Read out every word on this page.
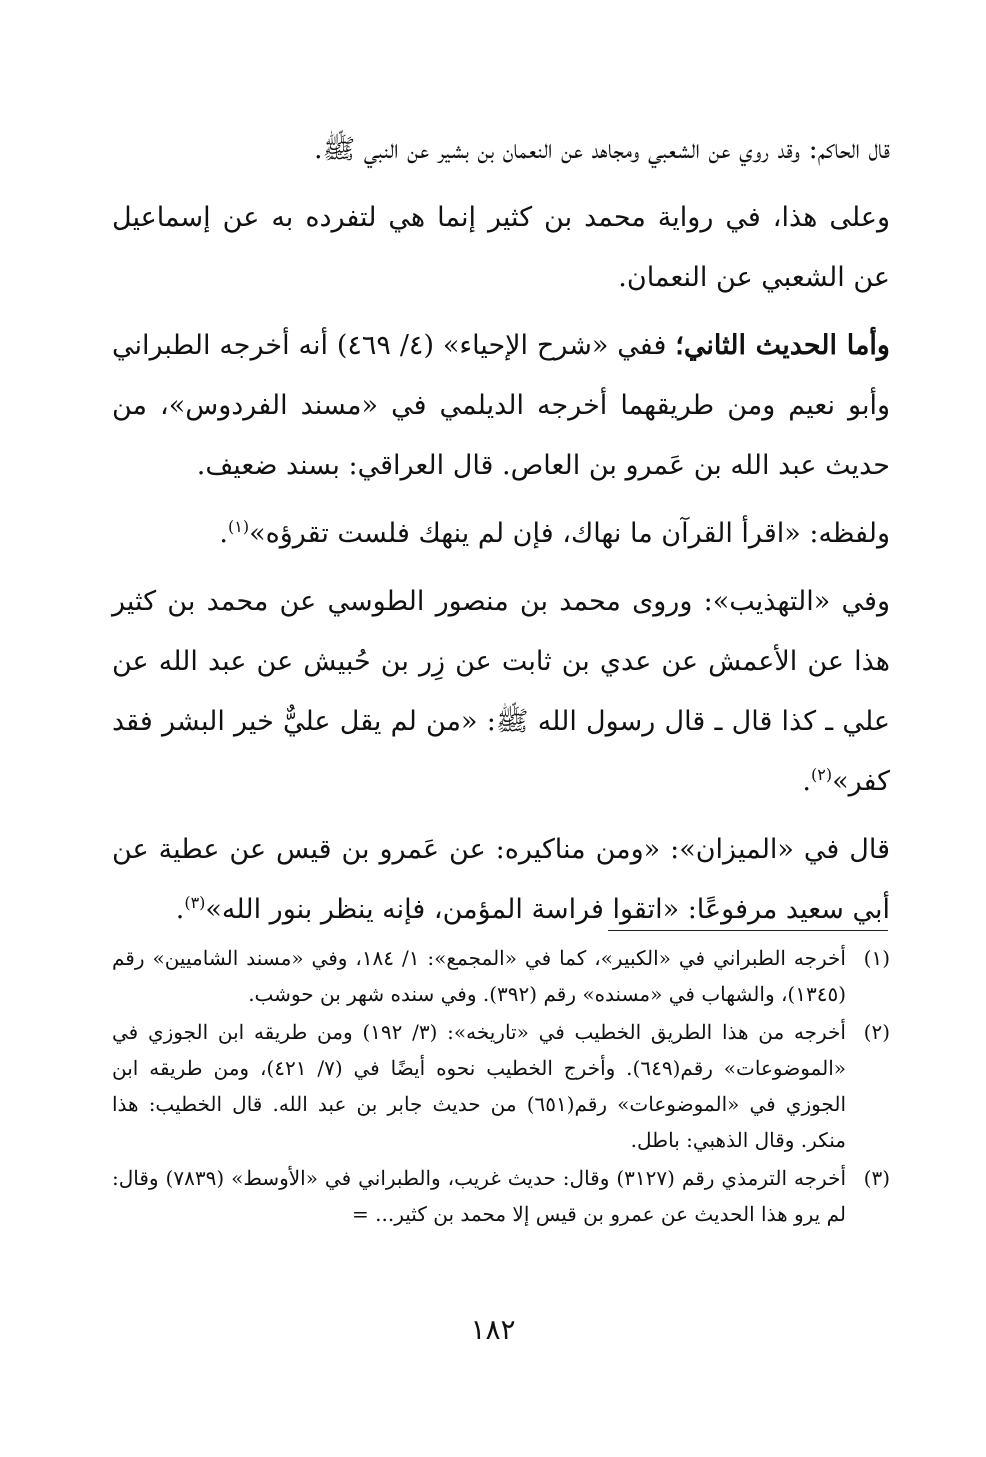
قال الحاكم: وقد روي عن الشعبي ومجاهد عن النعمان بن بشير عن النبي ﷺ.

وعلى هذا، في رواية محمد بن كثير إنما هي لتفرده به عن إسماعيل عن الشعبي عن النعمان.

وأما الحديث الثاني؛ ففي «شرح الإحياء» (٤/ ٤٦٩) أنه أخرجه الطبراني وأبو نعيم ومن طريقهما أخرجه الديلمي في «مسند الفردوس»، من حديث عبد الله بن عَمرو بن العاص. قال العراقي: بسند ضعيف.

ولفظه: «اقرأ القرآن ما نهاك، فإن لم ينهك فلست تقرؤه»$^{(١)}$.

وفي «التهذيب»: وروى محمد بن منصور الطوسي عن محمد بن كثير هذا عن الأعمش عن عدي بن ثابت عن زِر بن حُبيش عن عبد الله عن علي ـ كذا قال ـ قال رسول الله ﷺ: «من لم يقل عليٌّ خير البشر فقد كفر»$^{(٢)}$.

قال في «الميزان»: «ومن مناكيره: عن عَمرو بن قيس عن عطية عن أبي سعيد مرفوعًا: «اتقوا فراسة المؤمن، فإنه ينظر بنور الله»$^{(٣)}$.

(١)
أخرجه الطبراني في «الكبير»، كما في «المجمع»: ١/ ١٨٤، وفي «مسند الشاميين» رقم (١٣٤٥)، والشهاب في «مسنده» رقم (٣٩٢). وفي سنده شهر بن حوشب.
(٢)
أخرجه من هذا الطريق الخطيب في «تاريخه»: (٣/ ١٩٢) ومن طريقه ابن الجوزي في «الموضوعات» رقم(٦٤٩). وأخرج الخطيب نحوه أيضًا في (٧/ ٤٢١)، ومن طريقه ابن الجوزي في «الموضوعات» رقم(٦٥١) من حديث جابر بن عبد الله. قال الخطيب: هذا منكر. وقال الذهبي: باطل.
(٣)
أخرجه الترمذي رقم (٣١٢٧) وقال: حديث غريب، والطبراني في «الأوسط» (٧٨٣٩) وقال: لم يرو هذا الحديث عن عمرو بن قيس إلا محمد بن كثير... =
١٨٢
